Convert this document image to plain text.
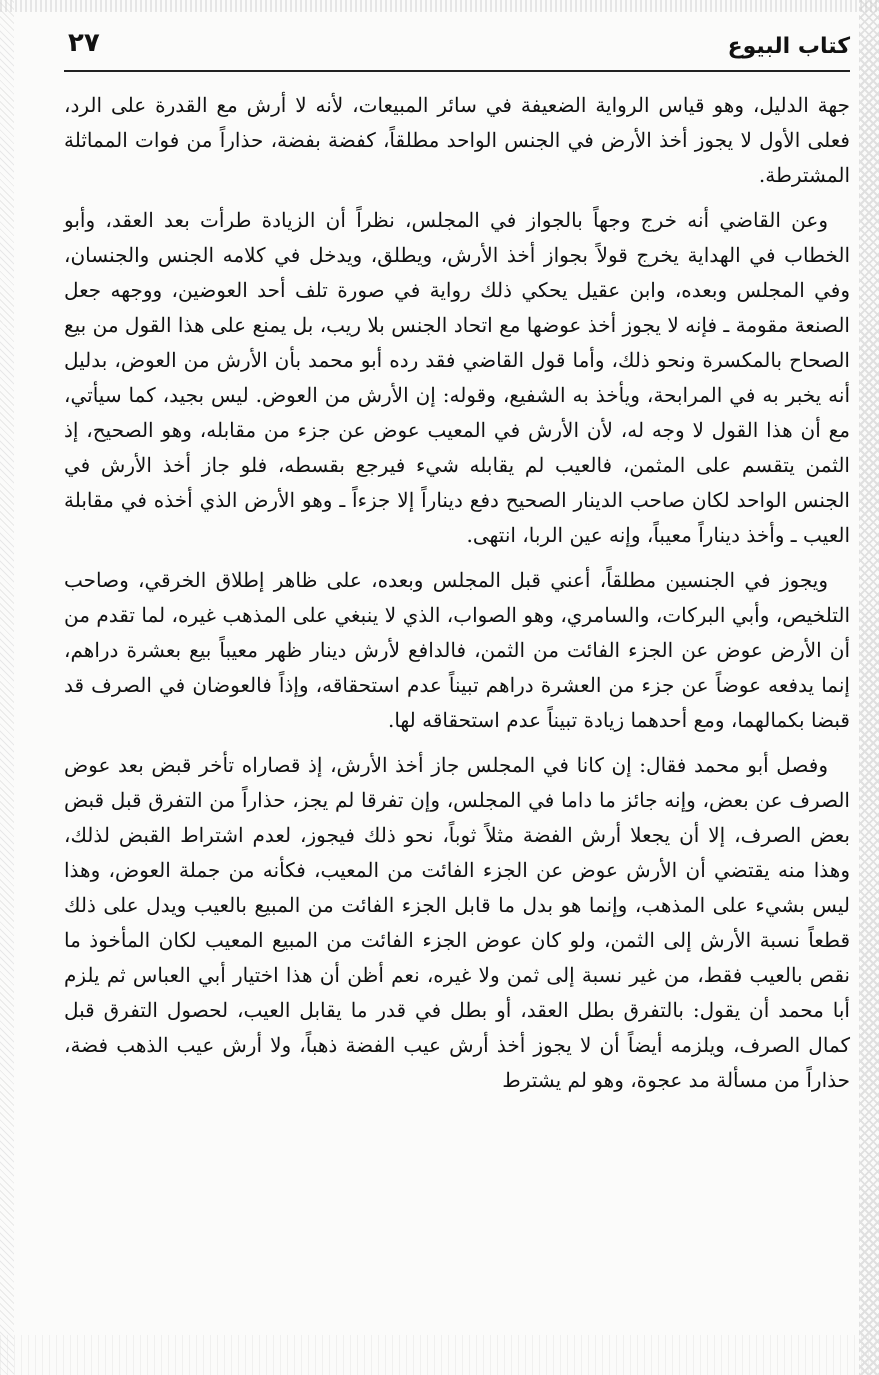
كتاب البيوع
٢٧

جهة الدليل، وهو قياس الرواية الضعيفة في سائر المبيعات، لأنه لا أرش مع القدرة على الرد، فعلى الأول لا يجوز أخذ الأرض في الجنس الواحد مطلقاً، كفضة بفضة، حذاراً من فوات المماثلة المشترطة.

وعن القاضي أنه خرج وجهاً بالجواز في المجلس، نظراً أن الزيادة طرأت بعد العقد، وأبو الخطاب في الهداية يخرج قولاً بجواز أخذ الأرش، ويطلق، ويدخل في كلامه الجنس والجنسان، وفي المجلس وبعده، وابن عقيل يحكي ذلك رواية في صورة تلف أحد العوضين، ووجهه جعل الصنعة مقومة ـ فإنه لا يجوز أخذ عوضها مع اتحاد الجنس بلا ريب، بل يمنع على هذا القول من بيع الصحاح بالمكسرة ونحو ذلك، وأما قول القاضي فقد رده أبو محمد بأن الأرش من العوض، بدليل أنه يخبر به في المرابحة، ويأخذ به الشفيع، وقوله: إن الأرش من العوض. ليس بجيد، كما سيأتي، مع أن هذا القول لا وجه له، لأن الأرش في المعيب عوض عن جزء من مقابله، وهو الصحيح، إذ الثمن يتقسم على المثمن، فالعيب لم يقابله شيء فيرجع بقسطه، فلو جاز أخذ الأرش في الجنس الواحد لكان صاحب الدينار الصحيح دفع ديناراً إلا جزءاً ـ وهو الأرض الذي أخذه في مقابلة العيب ـ وأخذ ديناراً معيباً، وإنه عين الربا، انتهى.

ويجوز في الجنسين مطلقاً، أعني قبل المجلس وبعده، على ظاهر إطلاق الخرقي، وصاحب التلخيص، وأبي البركات، والسامري، وهو الصواب، الذي لا ينبغي على المذهب غيره، لما تقدم من أن الأرض عوض عن الجزء الفائت من الثمن، فالدافع لأرش دينار ظهر معيباً بيع بعشرة دراهم، إنما يدفعه عوضاً عن جزء من العشرة دراهم تبيناً عدم استحقاقه، وإذاً فالعوضان في الصرف قد قبضا بكمالهما، ومع أحدهما زيادة تبيناً عدم استحقاقه لها.

وفصل أبو محمد فقال: إن كانا في المجلس جاز أخذ الأرش، إذ قصاراه تأخر قبض بعد عوض الصرف عن بعض، وإنه جائز ما داما في المجلس، وإن تفرقا لم يجز، حذاراً من التفرق قبل قبض بعض الصرف، إلا أن يجعلا أرش الفضة مثلاً ثوباً، نحو ذلك فيجوز، لعدم اشتراط القبض لذلك، وهذا منه يقتضي أن الأرش عوض عن الجزء الفائت من المعيب، فكأنه من جملة العوض، وهذا ليس بشيء على المذهب، وإنما هو بدل ما قابل الجزء الفائت من المبيع بالعيب ويدل على ذلك قطعاً نسبة الأرش إلى الثمن، ولو كان عوض الجزء الفائت من المبيع المعيب لكان المأخوذ ما نقص بالعيب فقط، من غير نسبة إلى ثمن ولا غيره، نعم أظن أن هذا اختيار أبي العباس ثم يلزم أبا محمد أن يقول: بالتفرق بطل العقد، أو بطل في قدر ما يقابل العيب، لحصول التفرق قبل كمال الصرف، ويلزمه أيضاً أن لا يجوز أخذ أرش عيب الفضة ذهباً، ولا أرش عيب الذهب فضة، حذاراً من مسألة مد عجوة، وهو لم يشترط
